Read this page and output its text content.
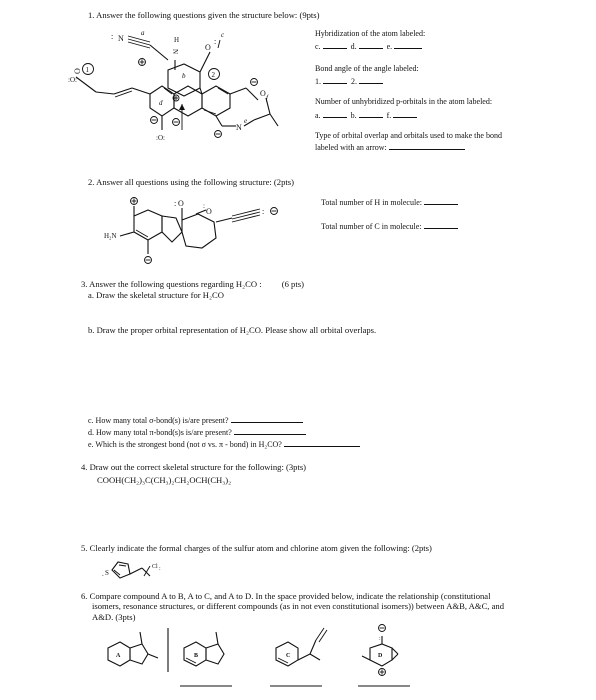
1. Answer the following questions given the structure below: (9pts)
N
:	a
H
N
b
O
:
c
2
1
O
:O:
d
:O:
O
N
e
f
Hybridization of the atom labeled:
c.	d.	e.
Bond angle of the angle labeled:
1.	2.
Number of unhybridized p-orbitals in the atom labeled:
a.	b.	f.
Type of orbital overlap and orbitals used to make the bond
labeled with an arrow:
2. Answer all questions using the following structure: (2pts)
: O
O
:
:
H₂N
Total number of H in molecule:
Total number of C in molecule:
3. Answer the following questions regarding H₂CO : (6 pts)
a. Draw the skeletal structure for H₂CO
b. Draw the proper orbital representation of H₂CO. Please show all orbital overlaps.
c. How many total σ-bond(s) is/are present?
d. How many total π-bond(s)s is/are present?
e. Which is the strongest bond (not σ vs. π - bond) in H₂CO?
4. Draw out the correct skeletal structure for the following: (3pts)
COOH(CH₂)₃C(CH₃)₂CH₂OCH(CH₃)₂
5. Clearly indicate the formal charges of the sulfur atom and chlorine atom given the following: (2pts)
. S
Cl :
6. Compare compound A to B, A to C, and A to D. In the space provided below, indicate the relationship (constitutional
isomers, resonance structures, or different compounds (as in not even constitutional isomers)) between A&B, A&C, and
A&D. (3pts)
A	B	C
:
D
